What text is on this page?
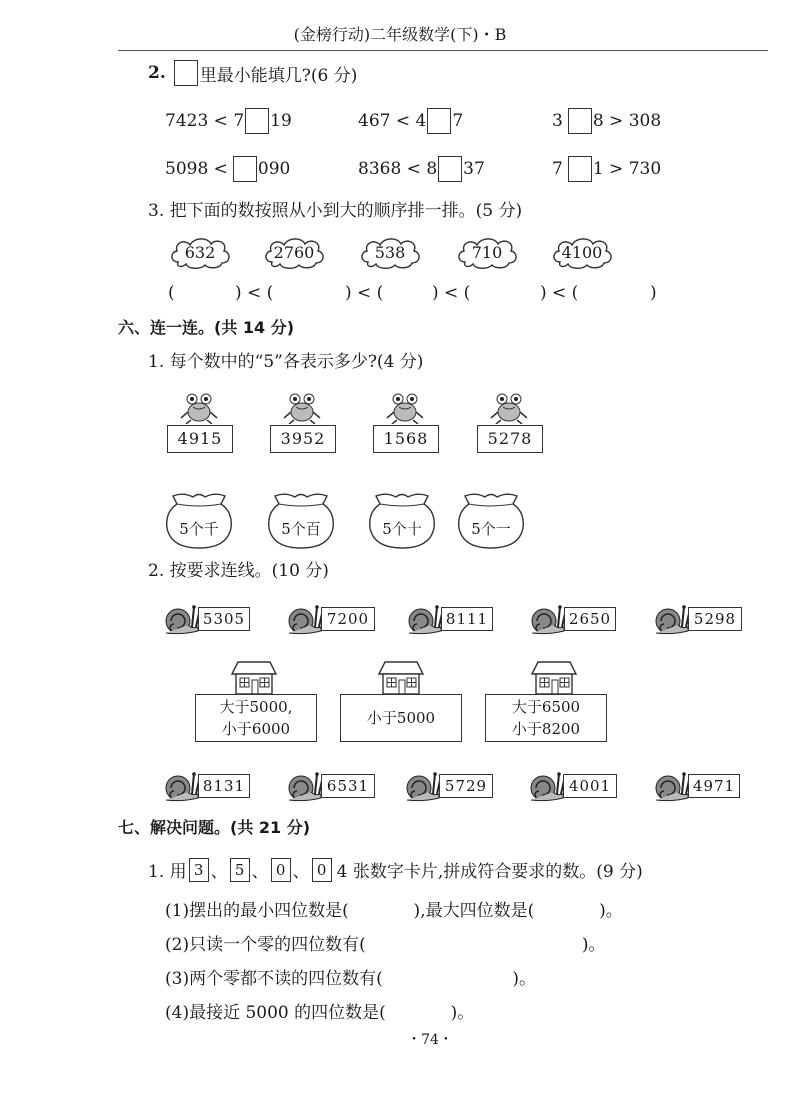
(金榜行动)二年级数学(下)・B
2. 里最小能填几?(6 分)
7423 < 7 19	467 < 4 7	3 8 > 308
5098 < 090	8368 < 8 37	7 1 > 730
3. 把下面的数按照从小到大的顺序排一排。(5 分)
632	2760	538	710	4100
(	) < (	) < (	) < (	) < (	)
六、连一连。(共 14 分)
1. 每个数中的“5”各表示多少?(4 分)
4915	3952	1568	5278
5个千	5个百	5个十	5个一
2. 按要求连线。(10 分)
5305	7200	8111	2650	5298
大于5000,
小于6000
小于5000
大于6500
小于8200
8131	6531	5729	4001	4971
七、解决问题。(共 21 分)
1. 用 3 、 5 、 0 、 0 4 张数字卡片,拼成符合要求的数。(9 分)
(1)摆出的最小四位数是(            ),最大四位数是(            )。
(2)只读一个零的四位数有(                                        )。
(3)两个零都不读的四位数有(                        )。
(4)最接近 5000 的四位数是(            )。
・74・
